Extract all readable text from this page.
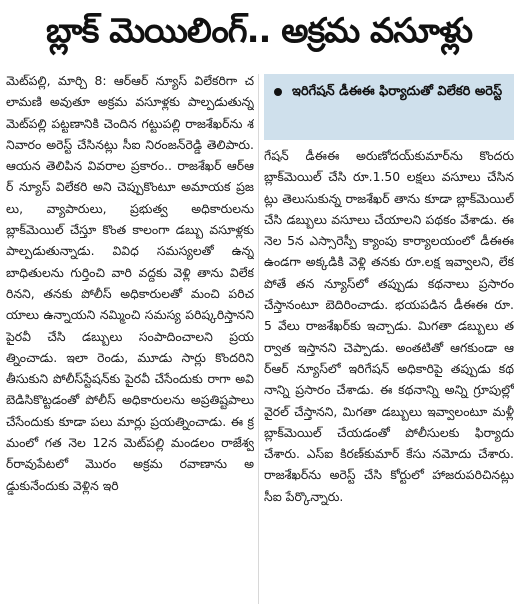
బ్లాక్ మెయిలింగ్.. అక్రమ వసూళ్లు

మెట్‌పల్లి, మార్చి 8: ఆర్‌ఆర్ న్యూస్ విలేకరిగా చలామణి అవుతూ అక్రమ వసూళ్లకు పాల్పడుతున్న మెట్‌పల్లి పట్టణానికి చెందిన గట్టుపల్లి రాజశేఖర్‌ను శనివారం అరెస్ట్ చేసినట్లు సీఐ నిరంజన్‌రెడ్డి తెలిపారు. ఆయన తెలిపిన వివరాల ప్రకారం.. రాజశేఖర్ ఆర్‌ఆర్ న్యూస్ విలేకరి అని చెప్పుకొంటూ అమాయక ప్రజలు, వ్యాపారులు, ప్రభుత్వ అధికారులను బ్లాక్‌మెయిల్ చేస్తూ కొంత కాలంగా డబ్బు వసూళ్లకు పాల్పడుతున్నాడు. వివిధ సమస్యలతో ఉన్న బాధితులను గుర్తించి వారి వద్దకు వెళ్లి తాను విలేకరినని, తనకు పోలీస్ అధికారులతో మంచి పరిచయాలు ఉన్నాయని నమ్మించి సమస్య పరిష్కరిస్తానని పైరవీ చేసి డబ్బులు సంపాదించాలని ప్రయత్నించాడు. ఇలా రెండు, మూడు సార్లు కొందరిని తీసుకుని పోలీస్‌స్టేషన్‌కు పైరవీ చేసేందుకు రాగా అవి బెడిసికొట్టడంతో పోలీస్ అధికారులను అప్రతిష్టపాలు చేసేందుకు కూడా పలు మార్లు ప్రయత్నించాడు. ఈ క్రమంలో గత నెల 12న మెట్‌పల్లి మండలం రాజేశ్వర్‌రావుపేటలో మొరం అక్రమ రవాణాను అడ్డుకునేందుకు వెళ్లిన ఇరి

ఇరిగేషన్ డీఈఈ ఫిర్యాదుతో విలేకరి అరెస్ట్

గేషన్ డీఈఈ అరుణోదయ్‌కుమార్‌ను కొందరు బ్లాక్‌మెయిల్ చేసి రూ.1.50 లక్షలు వసూలు చేసినట్లు తెలుసుకున్న రాజశేఖర్ తాను కూడా బ్లాక్‌మెయిల్ చేసి డబ్బులు వసూలు చేయాలని పథకం వేశాడు. ఈ నెల 5న ఎస్సారెస్పీ క్యాంపు కార్యాలయంలో డీఈఈ ఉండగా అక్కడికి వెళ్లి తనకు రూ.లక్ష ఇవ్వాలని, లేకపోతే తన న్యూస్‌లో తప్పుడు కథనాలు ప్రసారం చేస్తానంటూ బెదిరించాడు. భయపడిన డీఈఈ రూ. 5 వేలు రాజశేఖర్‌కు ఇచ్చాడు. మిగతా డబ్బులు తర్వాత ఇస్తానని చెప్పాడు. అంతటితో ఆగకుండా ఆర్‌ఆర్ న్యూస్‌లో ఇరిగేషన్ అధికారిపై తప్పుడు కథనాన్ని ప్రసారం చేశాడు. ఈ కథనాన్ని అన్ని గ్రూపుల్లో వైరల్ చేస్తానని, మిగతా డబ్బులు ఇవ్వాలంటూ మళ్లీ బ్లాక్‌మెయిల్ చేయడంతో పోలీసులకు ఫిర్యాదు చేశారు. ఎస్ఐ కిరణ్‌కుమార్ కేసు నమోదు చేశారు. రాజశేఖర్‌ను అరెస్ట్ చేసి కోర్టులో హాజరుపరిచినట్లు సీఐ పేర్కొన్నారు.
